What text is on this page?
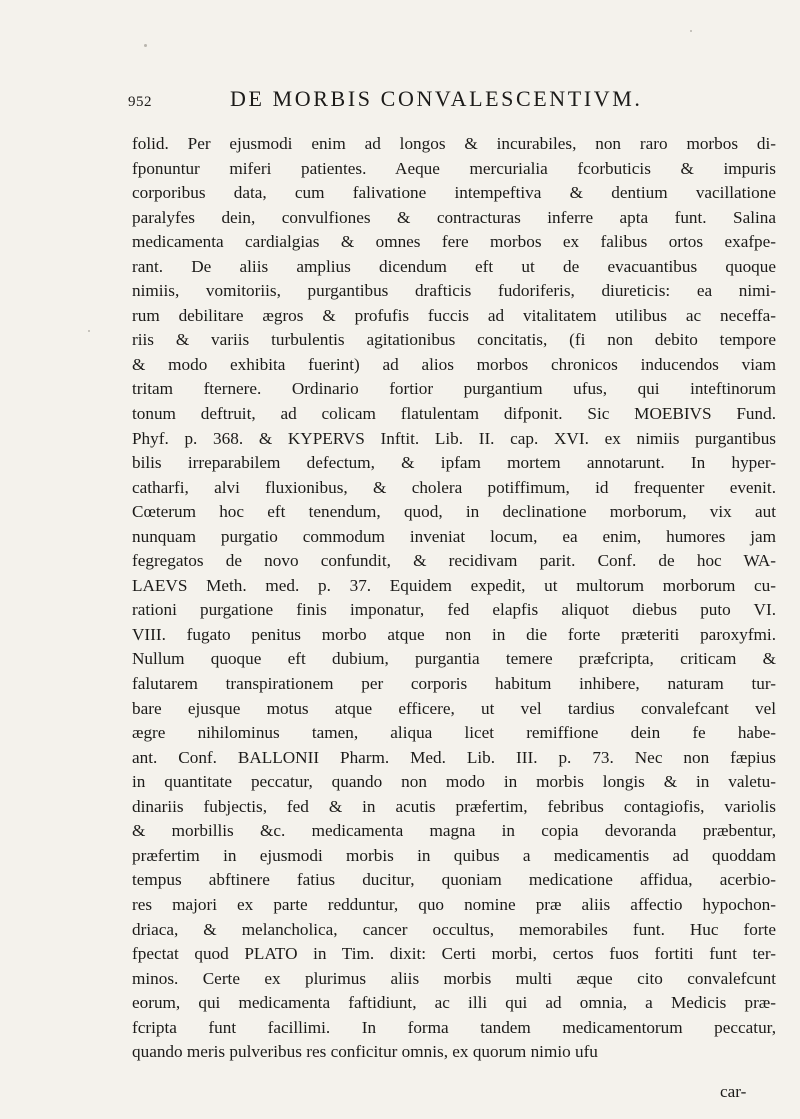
952	DE MORBIS CONVALESCENTIVM.
folid. Per ejusmodi enim ad longos & incurabiles, non raro morbos di-
fponuntur miferi patientes. Aeque mercurialia fcorbuticis & impuris
corporibus data, cum falivatione intempeftiva & dentium vacillatione
paralyfes dein, convulfiones & contracturas inferre apta funt. Salina
medicamenta cardialgias & omnes fere morbos ex falibus ortos exafpe-
rant. De aliis amplius dicendum eft ut de evacuantibus quoque
nimiis, vomitoriis, purgantibus drafticis fudoriferis, diureticis: ea nimi-
rum debilitare ægros & profufis fuccis ad vitalitatem utilibus ac neceffa-
riis & variis turbulentis agitationibus concitatis, (fi non debito tempore
& modo exhibita fuerint) ad alios morbos chronicos inducendos viam
tritam fternere. Ordinario fortior purgantium ufus, qui inteftinorum
tonum deftruit, ad colicam flatulentam difponit. Sic MOEBIVS Fund.
Phyf. p. 368. & KYPERVS Inftit. Lib. II. cap. XVI. ex nimiis purgantibus
bilis irreparabilem defectum, & ipfam mortem annotarunt. In hyper-
catharfi, alvi fluxionibus, & cholera potiffimum, id frequenter evenit.
Cœterum hoc eft tenendum, quod, in declinatione morborum, vix aut
nunquam purgatio commodum inveniat locum, ea enim, humores jam
fegregatos de novo confundit, & recidivam parit. Conf. de hoc WA-
LAEVS Meth. med. p. 37. Equidem expedit, ut multorum morborum cu-
rationi purgatione finis imponatur, fed elapfis aliquot diebus puto VI.
VIII. fugato penitus morbo atque non in die forte præteriti paroxyfmi.
Nullum quoque eft dubium, purgantia temere præfcripta, criticam &
falutarem transpirationem per corporis habitum inhibere, naturam tur-
bare ejusque motus atque efficere, ut vel tardius convalefcant vel
ægre nihilominus tamen, aliqua licet remiffione dein fe habe-
ant. Conf. BALLONII Pharm. Med. Lib. III. p. 73. Nec non fæpius
in quantitate peccatur, quando non modo in morbis longis & in valetu-
dinariis fubjectis, fed & in acutis præfertim, febribus contagiofis, variolis
& morbillis &c. medicamenta magna in copia devoranda præbentur,
præfertim in ejusmodi morbis in quibus a medicamentis ad quoddam
tempus abftinere fatius ducitur, quoniam medicatione affidua, acerbio-
res majori ex parte redduntur, quo nomine præ aliis affectio hypochon-
driaca, & melancholica, cancer occultus, memorabiles funt. Huc forte
fpectat quod PLATO in Tim. dixit: Certi morbi, certos fuos fortiti funt ter-
minos. Certe ex plurimus aliis morbis multi æque cito convalefcunt
eorum, qui medicamenta faftidiunt, ac illi qui ad omnia, a Medicis præ-
fcripta funt facillimi. In forma tandem medicamentorum peccatur,
quando meris pulveribus res conficitur omnis, ex quorum nimio ufu
car-
